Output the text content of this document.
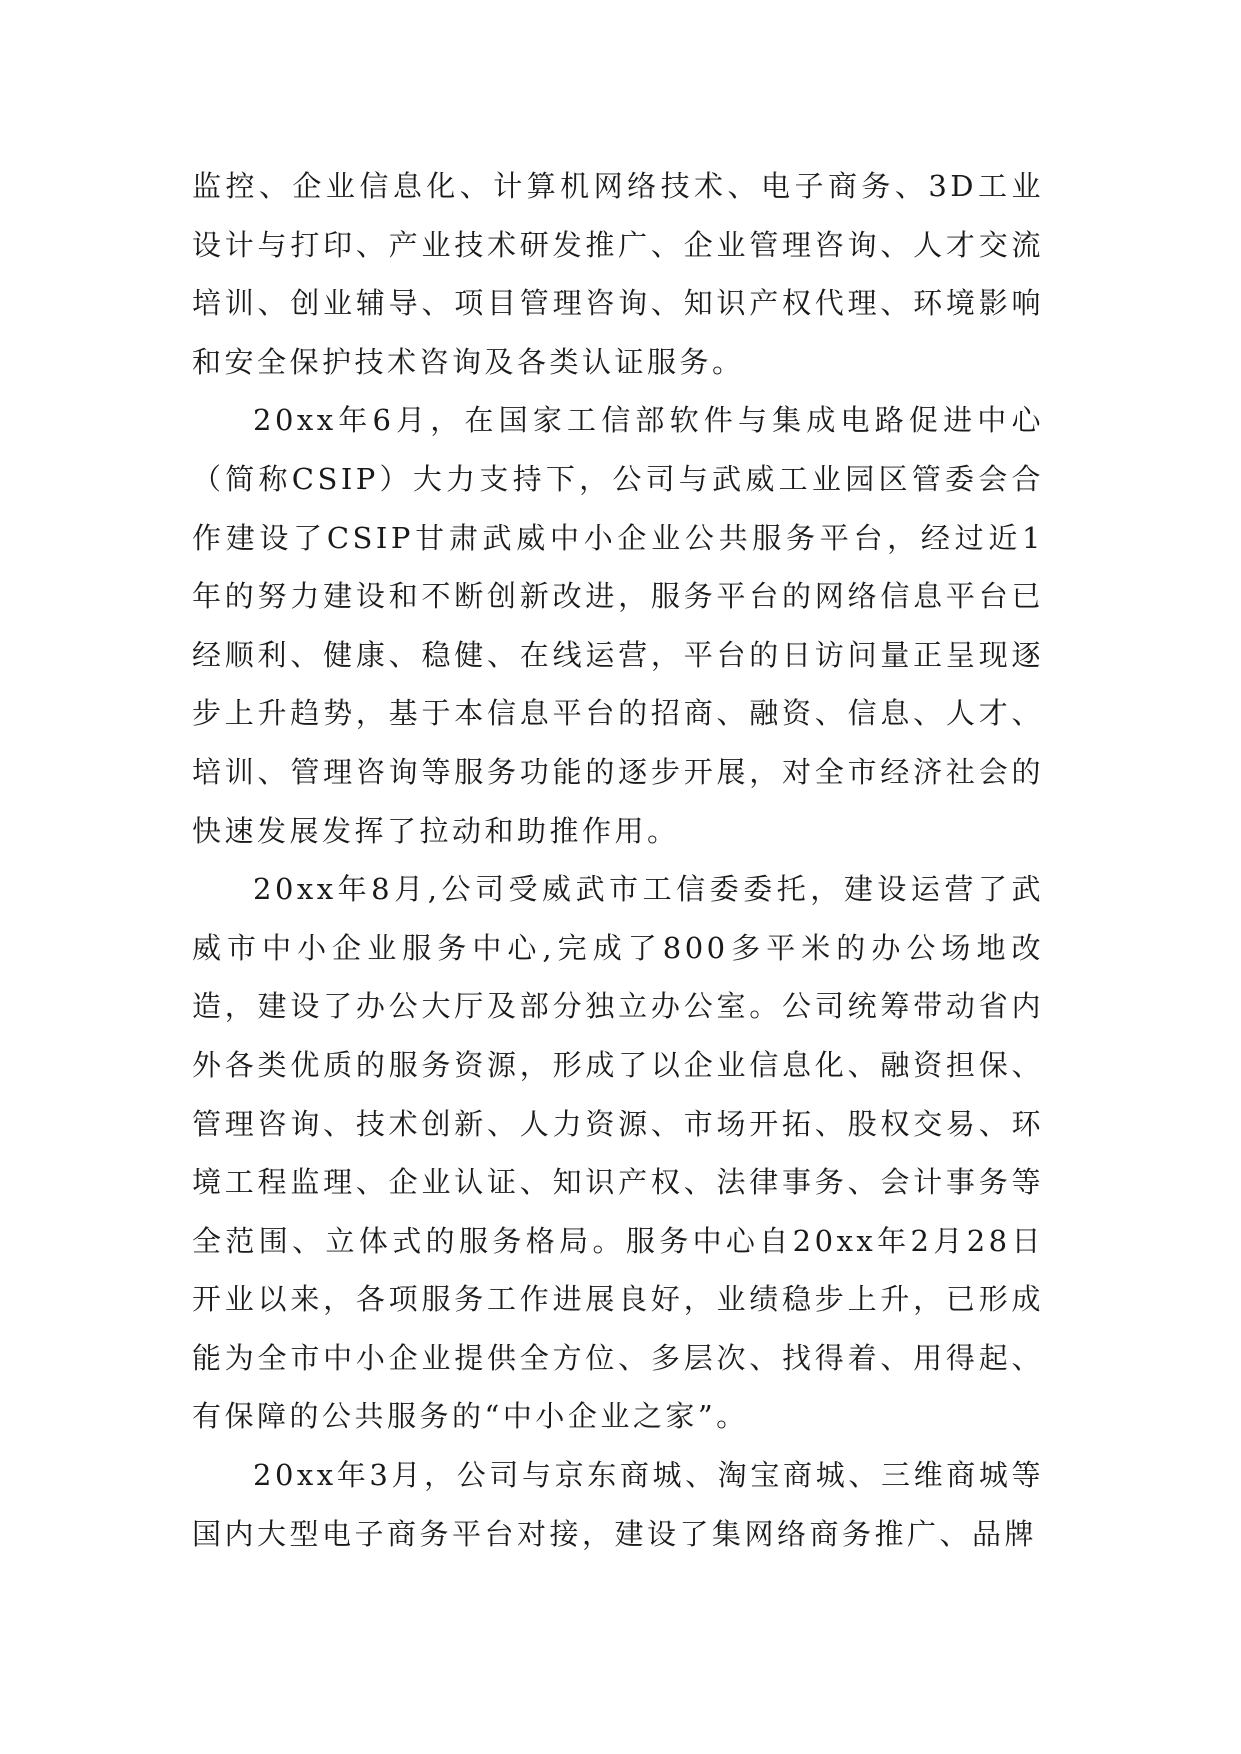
监控、企业信息化、计算机网络技术、电子商务、3D工业设计与打印、产业技术研发推广、企业管理咨询、人才交流培训、创业辅导、项目管理咨询、知识产权代理、环境影响和安全保护技术咨询及各类认证服务。

20xx年6月，在国家工信部软件与集成电路促进中心（简称CSIP）大力支持下，公司与武威工业园区管委会合作建设了CSIP甘肃武威中小企业公共服务平台，经过近1年的努力建设和不断创新改进，服务平台的网络信息平台已经顺利、健康、稳健、在线运营，平台的日访问量正呈现逐步上升趋势，基于本信息平台的招商、融资、信息、人才、培训、管理咨询等服务功能的逐步开展，对全市经济社会的快速发展发挥了拉动和助推作用。

20xx年8月,公司受威武市工信委委托，建设运营了武威市中小企业服务中心,完成了800多平米的办公场地改造，建设了办公大厅及部分独立办公室。公司统筹带动省内外各类优质的服务资源，形成了以企业信息化、融资担保、管理咨询、技术创新、人力资源、市场开拓、股权交易、环境工程监理、企业认证、知识产权、法律事务、会计事务等全范围、立体式的服务格局。服务中心自20xx年2月28日开业以来，各项服务工作进展良好，业绩稳步上升，已形成能为全市中小企业提供全方位、多层次、找得着、用得起、有保障的公共服务的“中小企业之家”。

20xx年3月，公司与京东商城、淘宝商城、三维商城等国内大型电子商务平台对接，建设了集网络商务推广、品牌
